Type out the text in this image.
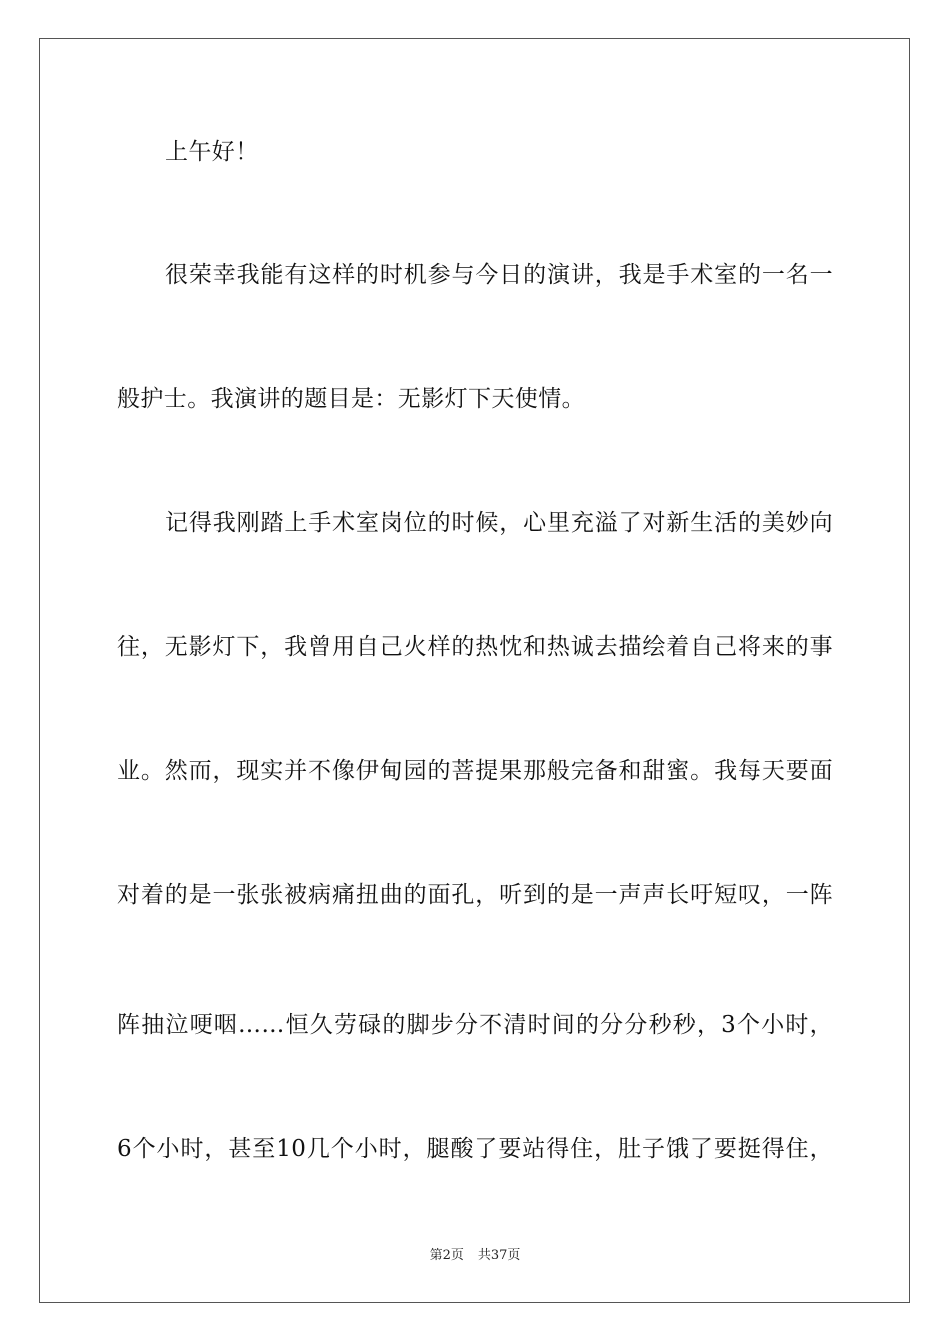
上午好！
很荣幸我能有这样的时机参与今日的演讲，我是手术室的一名一
般护士。我演讲的题目是：无影灯下天使情。
记得我刚踏上手术室岗位的时候，心里充溢了对新生活的美妙向
往，无影灯下，我曾用自己火样的热忱和热诚去描绘着自己将来的事
业。然而，现实并不像伊甸园的菩提果那般完备和甜蜜。我每天要面
对着的是一张张被病痛扭曲的面孔，听到的是一声声长吁短叹，一阵
阵抽泣哽咽……恒久劳碌的脚步分不清时间的分分秒秒，3个小时，
6个小时，甚至10几个小时，腿酸了要站得住，肚子饿了要挺得住，
第2页 共37页
